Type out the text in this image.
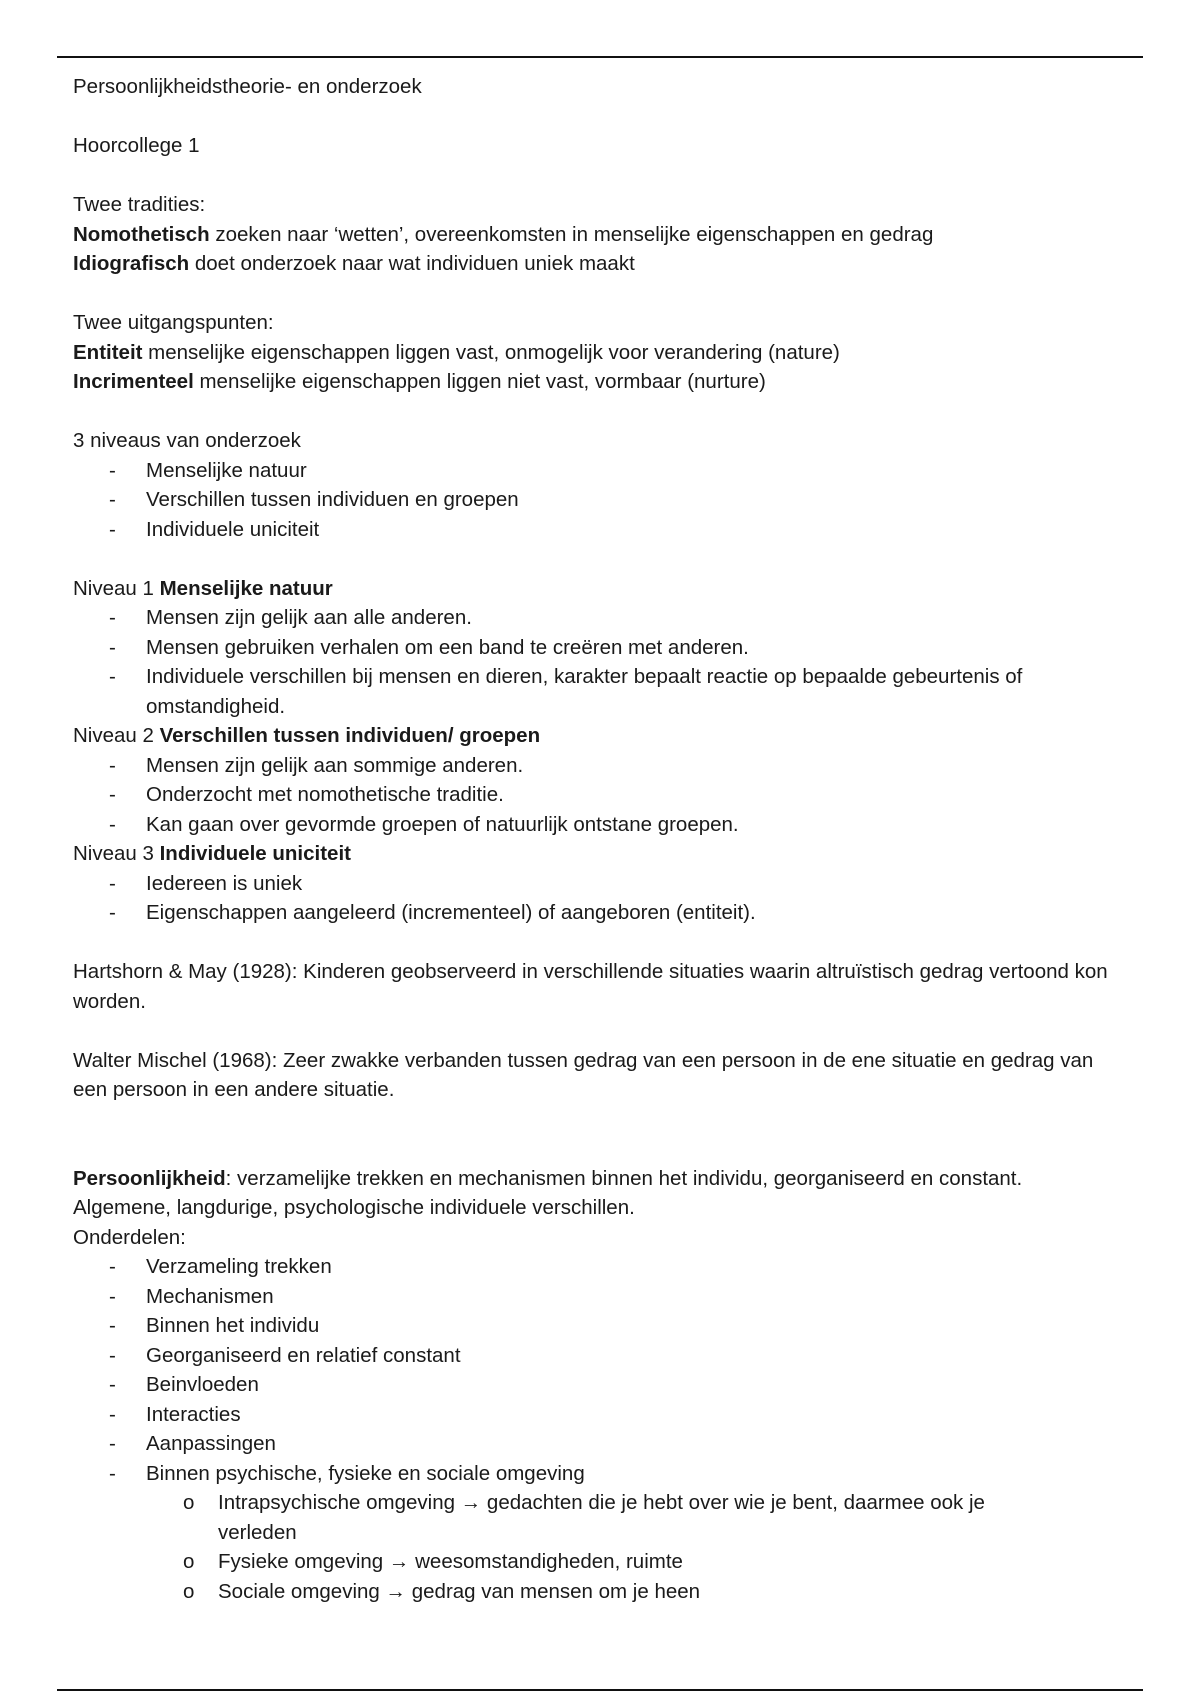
Persoonlijkheidstheorie- en onderzoek
Hoorcollege 1
Twee tradities:
Nomothetisch zoeken naar ‘wetten’, overeenkomsten in menselijke eigenschappen en gedrag
Idiografisch doet onderzoek naar wat individuen uniek maakt
Twee uitgangspunten:
Entiteit menselijke eigenschappen liggen vast, onmogelijk voor verandering (nature)
Incrimenteel menselijke eigenschappen liggen niet vast, vormbaar (nurture)
3 niveaus van onderzoek
- Menselijke natuur
- Verschillen tussen individuen en groepen
- Individuele uniciteit
Niveau 1 Menselijke natuur
- Mensen zijn gelijk aan alle anderen.
- Mensen gebruiken verhalen om een band te creëren met anderen.
- Individuele verschillen bij mensen en dieren, karakter bepaalt reactie op bepaalde gebeurtenis of omstandigheid.
Niveau 2 Verschillen tussen individuen/ groepen
- Mensen zijn gelijk aan sommige anderen.
- Onderzocht met nomothetische traditie.
- Kan gaan over gevormde groepen of natuurlijk ontstane groepen.
Niveau 3 Individuele uniciteit
- Iedereen is uniek
- Eigenschappen aangeleerd (incrementeel) of aangeboren (entiteit).
Hartshorn & May (1928): Kinderen geobserveerd in verschillende situaties waarin altruïstisch gedrag vertoond kon worden.
Walter Mischel (1968): Zeer zwakke verbanden tussen gedrag van een persoon in de ene situatie en gedrag van een persoon in een andere situatie.
Persoonlijkheid: verzamelijke trekken en mechanismen binnen het individu, georganiseerd en constant.
Algemene, langdurige, psychologische individuele verschillen.
Onderdelen:
- Verzameling trekken
- Mechanismen
- Binnen het individu
- Georganiseerd en relatief constant
- Beinvloeden
- Interacties
- Aanpassingen
- Binnen psychische, fysieke en sociale omgeving
o Intrapsychische omgeving → gedachten die je hebt over wie je bent, daarmee ook je verleden
o Fysieke omgeving → weesomstandigheden, ruimte
o Sociale omgeving → gedrag van mensen om je heen
